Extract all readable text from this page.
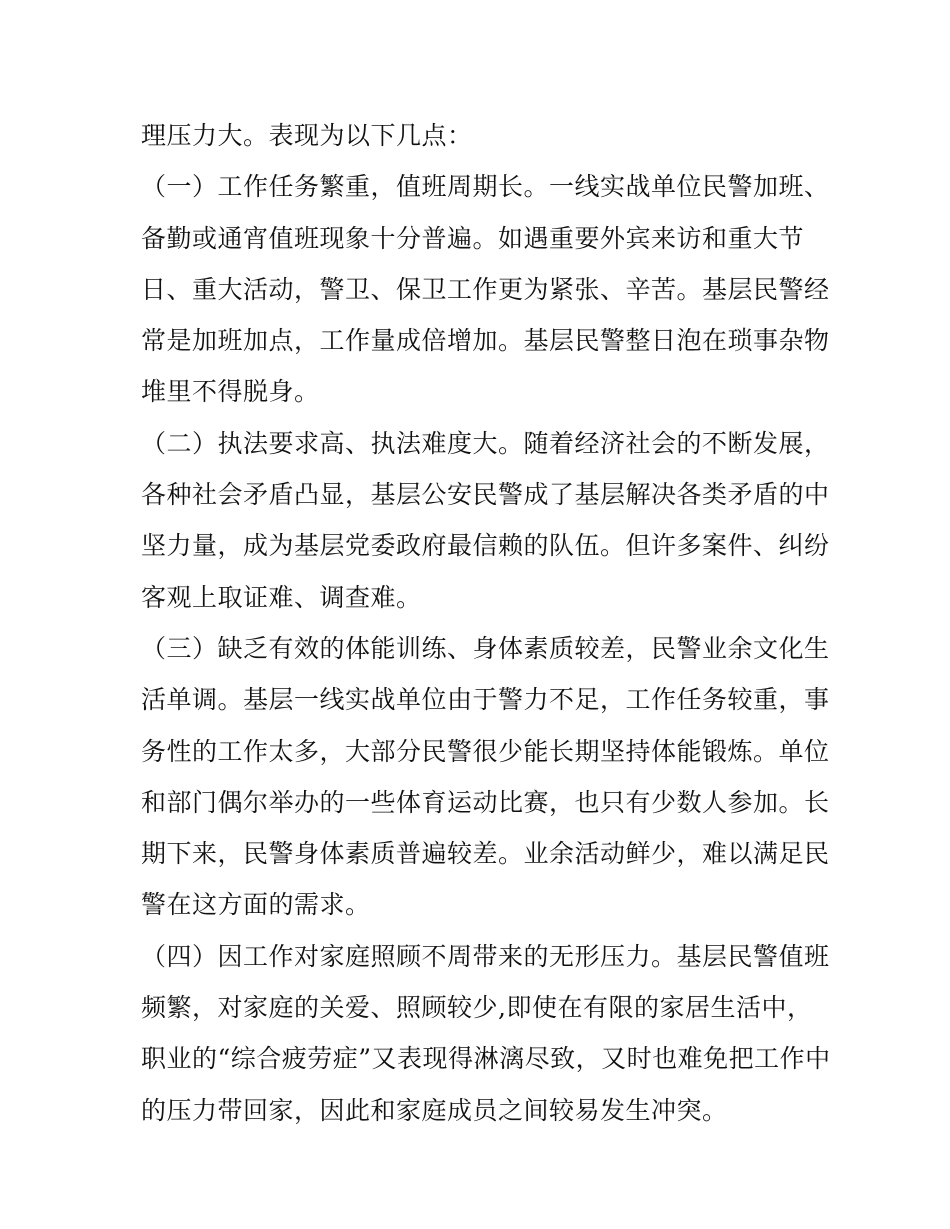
理压力大。表现为以下几点：
（一）工作任务繁重，值班周期长。一线实战单位民警加班、
备勤或通宵值班现象十分普遍。如遇重要外宾来访和重大节
日、重大活动，警卫、保卫工作更为紧张、辛苦。基层民警经
常是加班加点，工作量成倍增加。基层民警整日泡在琐事杂物
堆里不得脱身。
（二）执法要求高、执法难度大。随着经济社会的不断发展，
各种社会矛盾凸显，基层公安民警成了基层解决各类矛盾的中
坚力量，成为基层党委政府最信赖的队伍。但许多案件、纠纷
客观上取证难、调查难。
（三）缺乏有效的体能训练、身体素质较差，民警业余文化生
活单调。基层一线实战单位由于警力不足，工作任务较重，事
务性的工作太多，大部分民警很少能长期坚持体能锻炼。单位
和部门偶尔举办的一些体育运动比赛，也只有少数人参加。长
期下来，民警身体素质普遍较差。业余活动鲜少，难以满足民
警在这方面的需求。
（四）因工作对家庭照顾不周带来的无形压力。基层民警值班
频繁，对家庭的关爱、照顾较少,即使在有限的家居生活中，
职业的“综合疲劳症”又表现得淋漓尽致，又时也难免把工作中
的压力带回家，因此和家庭成员之间较易发生冲突。
